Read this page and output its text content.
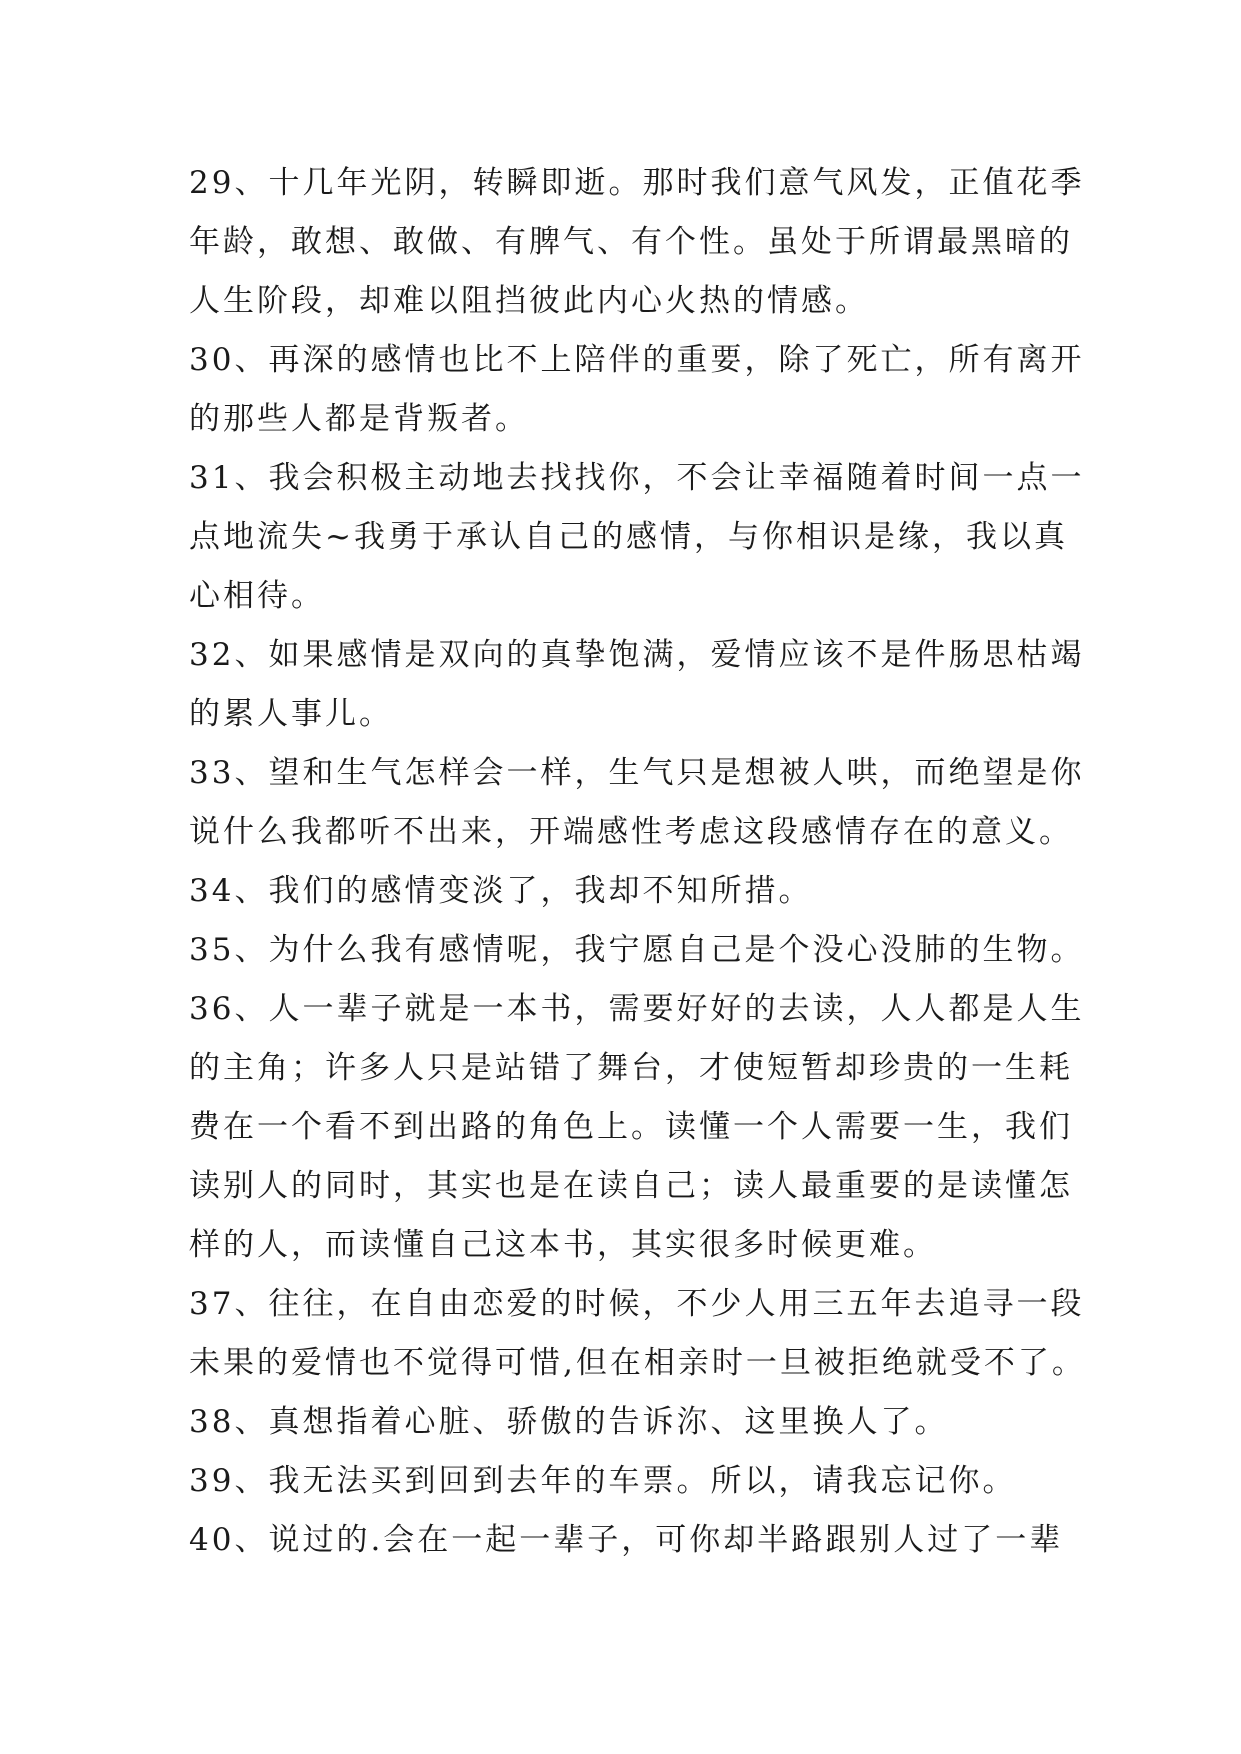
29、十几年光阴，转瞬即逝。那时我们意气风发，正值花季
年龄，敢想、敢做、有脾气、有个性。虽处于所谓最黑暗的
人生阶段，却难以阻挡彼此内心火热的情感。
30、再深的感情也比不上陪伴的重要，除了死亡，所有离开
的那些人都是背叛者。
31、我会积极主动地去找找你，不会让幸福随着时间一点一
点地流失~我勇于承认自己的感情，与你相识是缘，我以真
心相待。
32、如果感情是双向的真挚饱满，爱情应该不是件肠思枯竭
的累人事儿。
33、望和生气怎样会一样，生气只是想被人哄，而绝望是你
说什么我都听不出来，开端感性考虑这段感情存在的意义。
34、我们的感情变淡了，我却不知所措。
35、为什么我有感情呢，我宁愿自己是个没心没肺的生物。
36、人一辈子就是一本书，需要好好的去读，人人都是人生
的主角；许多人只是站错了舞台，才使短暂却珍贵的一生耗
费在一个看不到出路的角色上。读懂一个人需要一生，我们
读别人的同时，其实也是在读自己；读人最重要的是读懂怎
样的人，而读懂自己这本书，其实很多时候更难。
37、往往，在自由恋爱的时候，不少人用三五年去追寻一段
未果的爱情也不觉得可惜,但在相亲时一旦被拒绝就受不了。
38、真想指着心脏、骄傲的告诉沵、这里换人了。
39、我无法买到回到去年的车票。所以，请我忘记你。
40、说过的.会在一起一辈子，可你却半路跟别人过了一辈
